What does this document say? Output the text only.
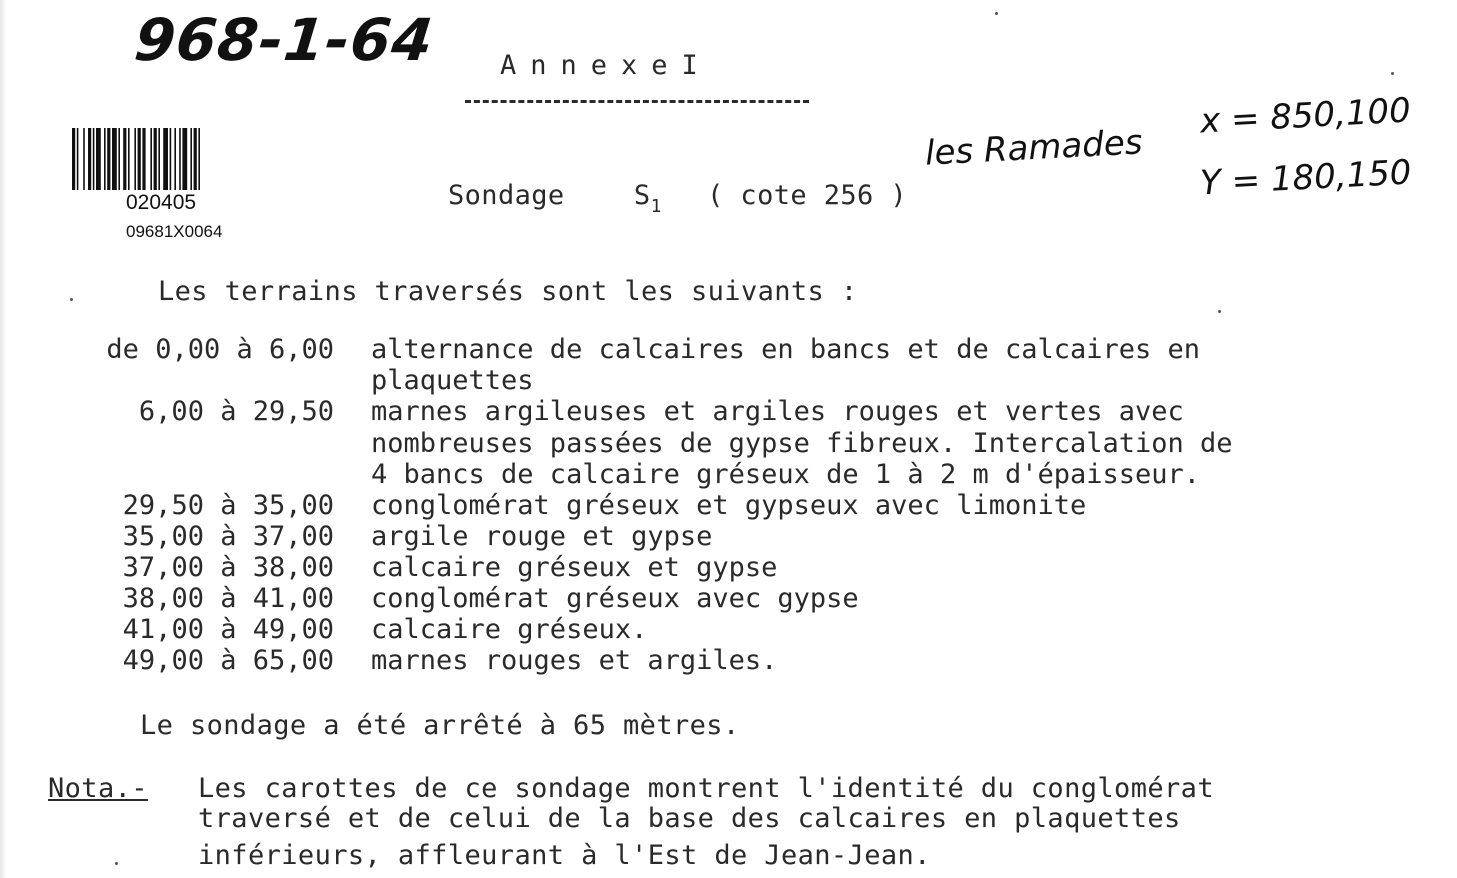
968-1-64
les Ramades
x = 850,100
Y = 180,150
AnnexeI
020405
09681X0064
Sondage	$S_1$ ( cote 256 )
Les terrains traversés sont les suivants :
de 0,00 à 6,00 alternance de calcaires en bancs et de calcaires en
plaquettes
6,00 à 29,50 marnes argileuses et argiles rouges et vertes avec
nombreuses passées de gypse fibreux. Intercalation de
4 bancs de calcaire gréseux de 1 à 2 m d'épaisseur.
29,50 à 35,00 conglomérat gréseux et gypseux avec limonite
35,00 à 37,00 argile rouge et gypse
37,00 à 38,00 calcaire gréseux et gypse
38,00 à 41,00 conglomérat gréseux avec gypse
41,00 à 49,00 calcaire gréseux.
49,00 à 65,00 marnes rouges et argiles.
Le sondage a été arrêté à 65 mètres.
Nota.- Les carottes de ce sondage montrent l'identité du conglomérat
traversé et de celui de la base des calcaires en plaquettes
inférieurs, affleurant à l'Est de Jean-Jean.
